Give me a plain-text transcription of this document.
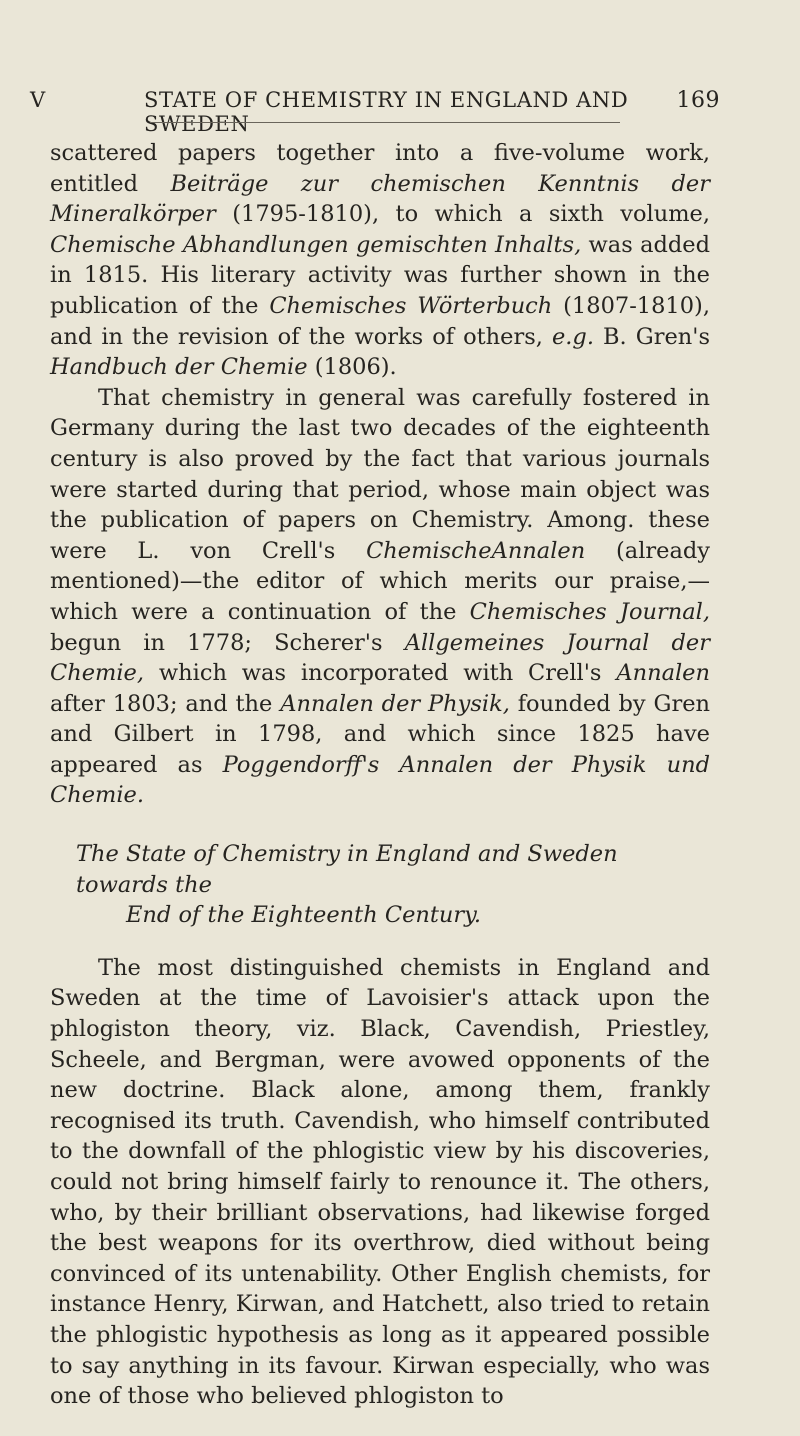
V	STATE OF CHEMISTRY IN ENGLAND AND SWEDEN
169

scattered papers together into a five-volume work, entitled Beiträge zur chemischen Kenntnis der Mineralkörper (1795-1810), to which a sixth volume, Chemische Abhandlungen gemischten Inhalts, was added in 1815. His literary activity was further shown in the publication of the Chemisches Wörterbuch (1807-1810), and in the revision of the works of others, e.g. B. Gren's Handbuch der Chemie (1806).

That chemistry in general was carefully fostered in Germany during the last two decades of the eighteenth century is also proved by the fact that various journals were started during that period, whose main object was the publication of papers on Chemistry. Among. these were L. von Crell's ChemischeAnnalen (already mentioned)—the editor of which merits our praise,—which were a continuation of the Chemisches Journal, begun in 1778; Scherer's Allgemeines Journal der Chemie, which was incorporated with Crell's Annalen after 1803; and the Annalen der Physik, founded by Gren and Gilbert in 1798, and which since 1825 have appeared as Poggendorff's Annalen der Physik und Chemie.

The State of Chemistry in England and Sweden towards the
End of the Eighteenth Century.

The most distinguished chemists in England and Sweden at the time of Lavoisier's attack upon the phlogiston theory, viz. Black, Cavendish, Priestley, Scheele, and Bergman, were avowed opponents of the new doctrine. Black alone, among them, frankly recognised its truth. Cavendish, who himself contributed to the downfall of the phlogistic view by his discoveries, could not bring himself fairly to renounce it. The others, who, by their brilliant observations, had likewise forged the best weapons for its overthrow, died without being convinced of its untenability. Other English chemists, for instance Henry, Kirwan, and Hatchett, also tried to retain the phlogistic hypothesis as long as it appeared possible to say anything in its favour. Kirwan especially, who was one of those who believed phlogiston to
